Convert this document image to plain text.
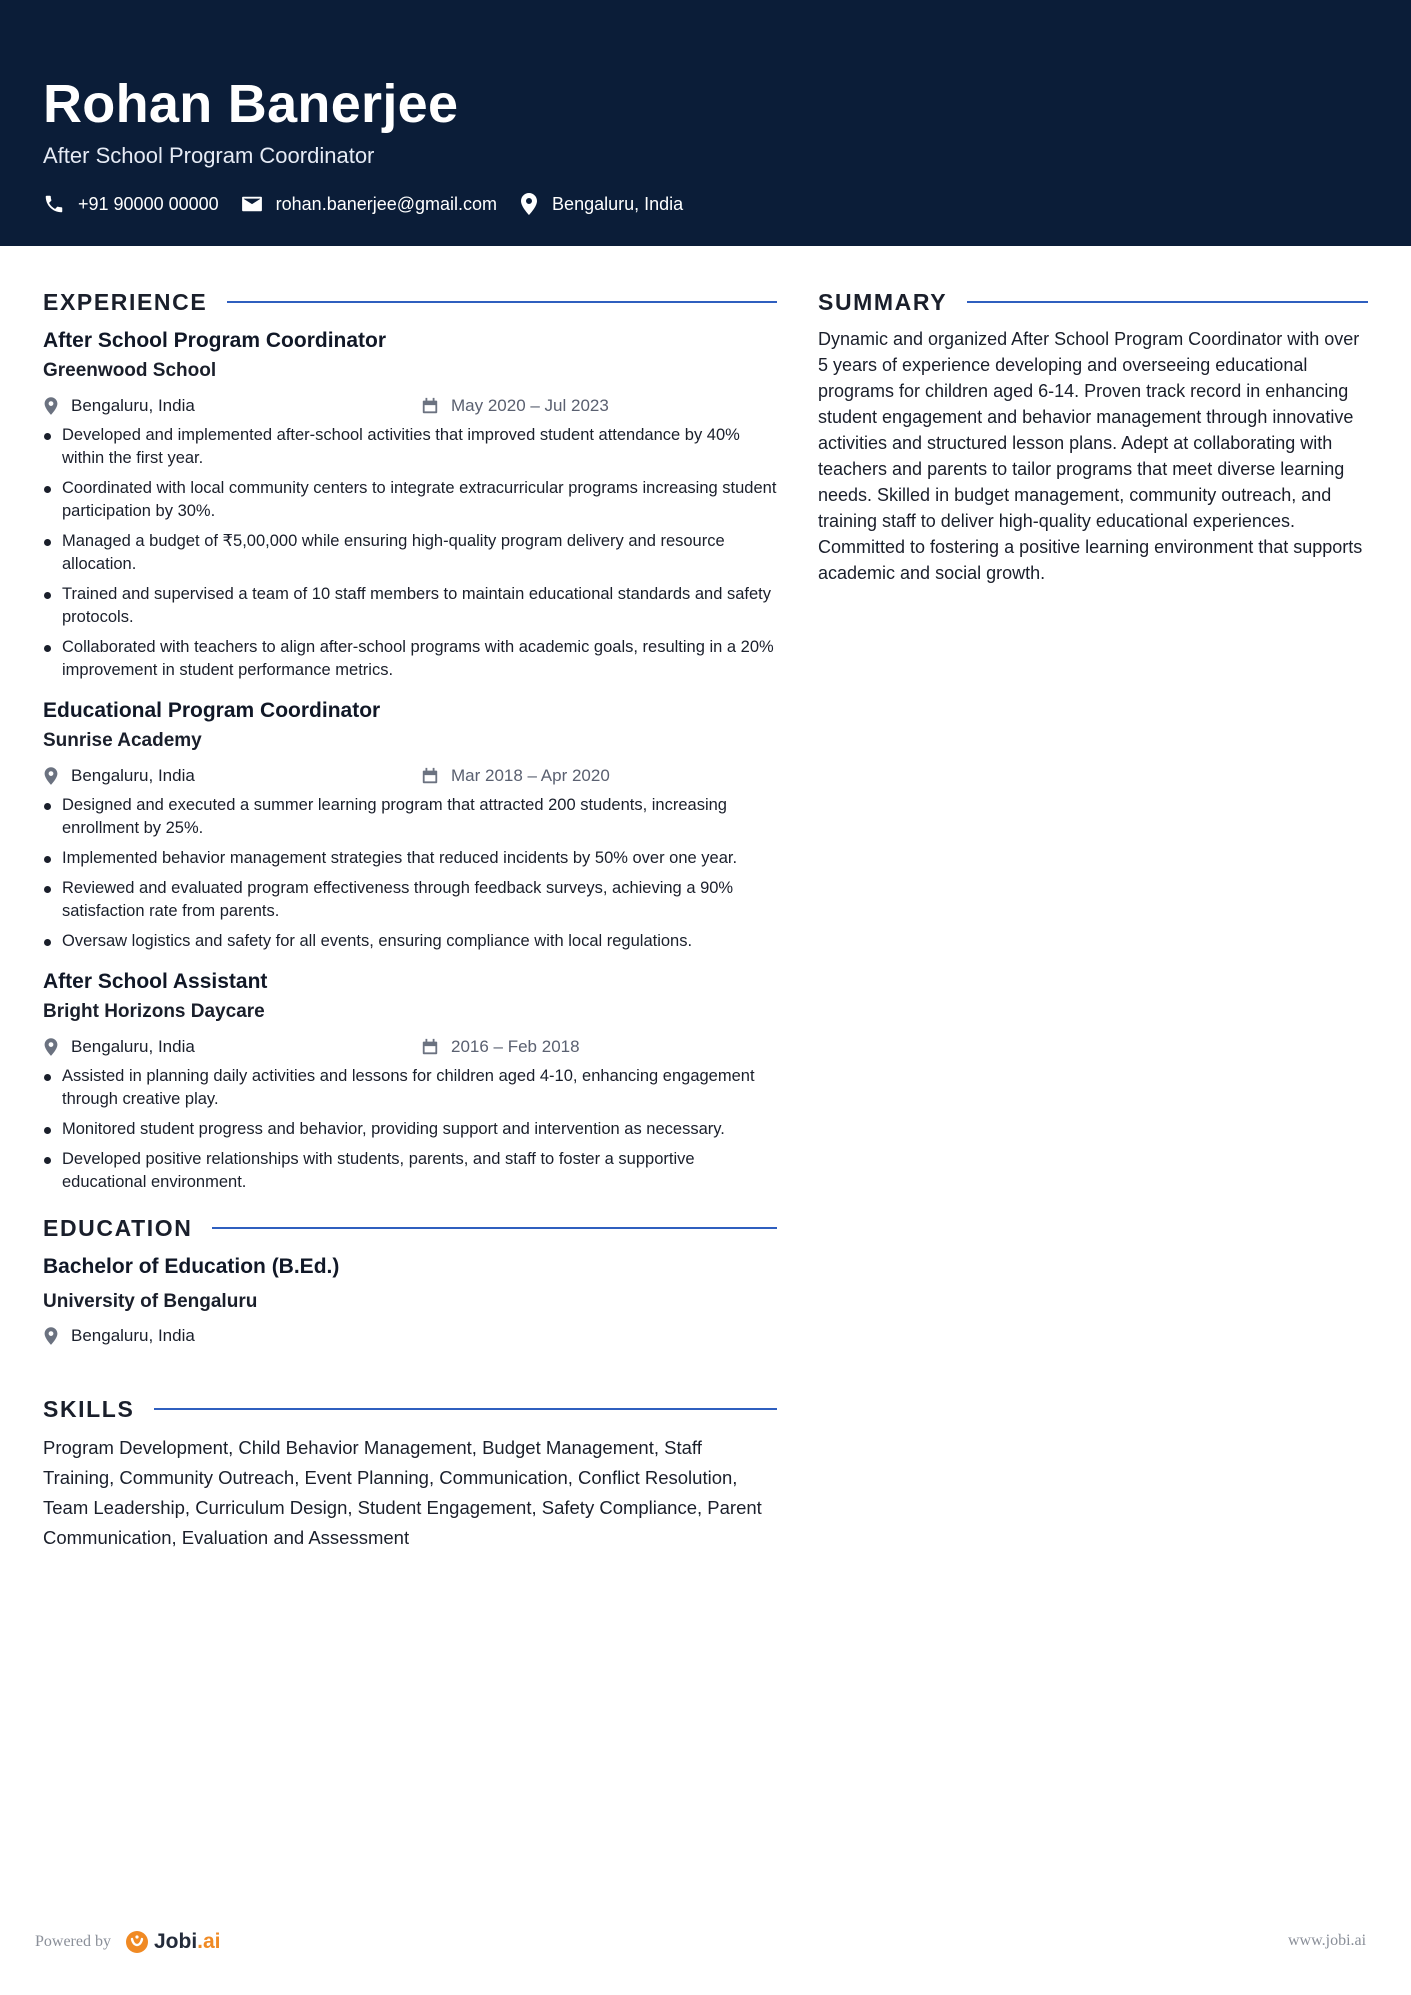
Rohan Banerjee
After School Program Coordinator
+91 90000 00000	rohan.banerjee@gmail.com	Bengaluru, India
EXPERIENCE
After School Program Coordinator
Greenwood School
Bengaluru, India	May 2020 – Jul 2023
Developed and implemented after-school activities that improved student attendance by 40% within the first year.
Coordinated with local community centers to integrate extracurricular programs increasing student participation by 30%.
Managed a budget of ₹5,00,000 while ensuring high-quality program delivery and resource allocation.
Trained and supervised a team of 10 staff members to maintain educational standards and safety protocols.
Collaborated with teachers to align after-school programs with academic goals, resulting in a 20% improvement in student performance metrics.
Educational Program Coordinator
Sunrise Academy
Bengaluru, India	Mar 2018 – Apr 2020
Designed and executed a summer learning program that attracted 200 students, increasing enrollment by 25%.
Implemented behavior management strategies that reduced incidents by 50% over one year.
Reviewed and evaluated program effectiveness through feedback surveys, achieving a 90% satisfaction rate from parents.
Oversaw logistics and safety for all events, ensuring compliance with local regulations.
After School Assistant
Bright Horizons Daycare
Bengaluru, India	2016 – Feb 2018
Assisted in planning daily activities and lessons for children aged 4-10, enhancing engagement through creative play.
Monitored student progress and behavior, providing support and intervention as necessary.
Developed positive relationships with students, parents, and staff to foster a supportive educational environment.
EDUCATION
Bachelor of Education (B.Ed.)
University of Bengaluru
Bengaluru, India
SKILLS

Program Development, Child Behavior Management, Budget Management, Staff Training, Community Outreach, Event Planning, Communication, Conflict Resolution, Team Leadership, Curriculum Design, Student Engagement, Safety Compliance, Parent Communication, Evaluation and Assessment

SUMMARY

Dynamic and organized After School Program Coordinator with over 5 years of experience developing and overseeing educational programs for children aged 6-14. Proven track record in enhancing student engagement and behavior management through innovative activities and structured lesson plans. Adept at collaborating with teachers and parents to tailor programs that meet diverse learning needs. Skilled in budget management, community outreach, and training staff to deliver high-quality educational experiences. Committed to fostering a positive learning environment that supports academic and social growth.

Powered by Jobi .ai	www.jobi.ai
